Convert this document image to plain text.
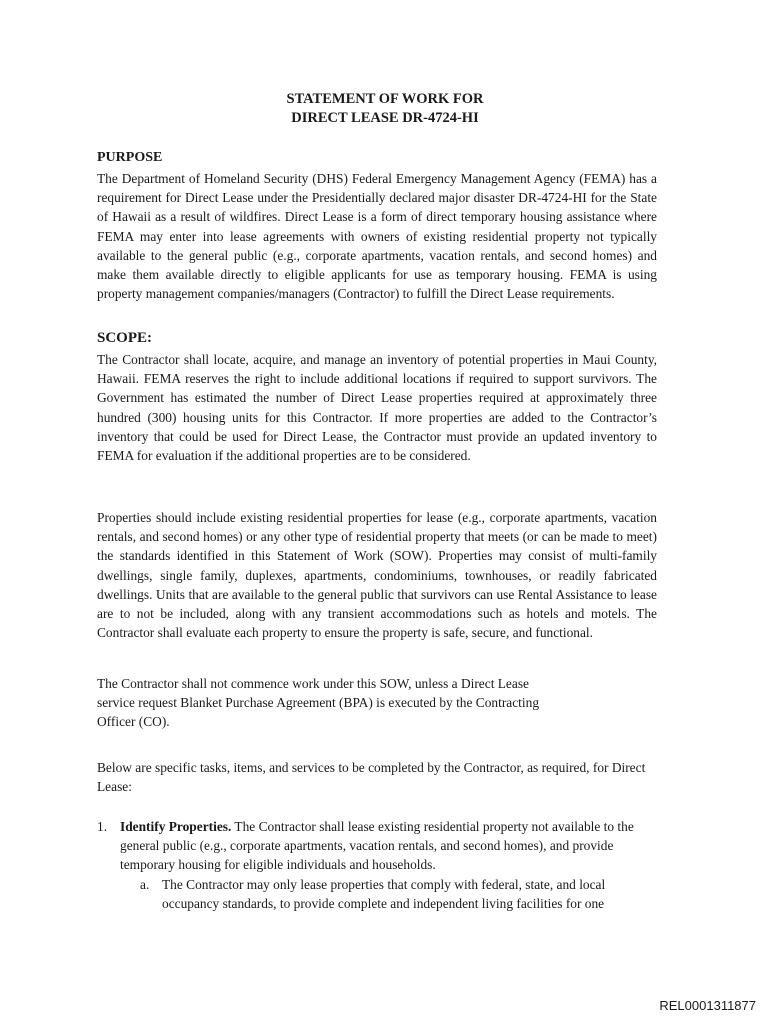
STATEMENT OF WORK FOR
DIRECT LEASE DR-4724-HI
PURPOSE

The Department of Homeland Security (DHS) Federal Emergency Management Agency (FEMA) has a requirement for Direct Lease under the Presidentially declared major disaster DR-4724-HI for the State of Hawaii as a result of wildfires. Direct Lease is a form of direct temporary housing assistance where FEMA may enter into lease agreements with owners of existing residential property not typically available to the general public (e.g., corporate apartments, vacation rentals, and second homes) and make them available directly to eligible applicants for use as temporary housing. FEMA is using property management companies/managers (Contractor) to fulfill the Direct Lease requirements.

SCOPE:

The Contractor shall locate, acquire, and manage an inventory of potential properties in Maui County, Hawaii. FEMA reserves the right to include additional locations if required to support survivors. The Government has estimated the number of Direct Lease properties required at approximately three hundred (300) housing units for this Contractor. If more properties are added to the Contractor’s inventory that could be used for Direct Lease, the Contractor must provide an updated inventory to FEMA for evaluation if the additional properties are to be considered.

Properties should include existing residential properties for lease (e.g., corporate apartments, vacation rentals, and second homes) or any other type of residential property that meets (or can be made to meet) the standards identified in this Statement of Work (SOW). Properties may consist of multi-family dwellings, single family, duplexes, apartments, condominiums, townhouses, or readily fabricated dwellings. Units that are available to the general public that survivors can use Rental Assistance to lease are to not be included, along with any transient accommodations such as hotels and motels. The Contractor shall evaluate each property to ensure the property is safe, secure, and functional.

The Contractor shall not commence work under this SOW, unless a Direct Lease
service request Blanket Purchase Agreement (BPA) is executed by the Contracting
Officer (CO).

Below are specific tasks, items, and services to be completed by the Contractor, as required, for Direct Lease:

1. Identify Properties. The Contractor shall lease existing residential property not available to the general public (e.g., corporate apartments, vacation rentals, and second homes), and provide temporary housing for eligible individuals and households.
a. The Contractor may only lease properties that comply with federal, state, and local occupancy standards, to provide complete and independent living facilities for one
REL0001311877
